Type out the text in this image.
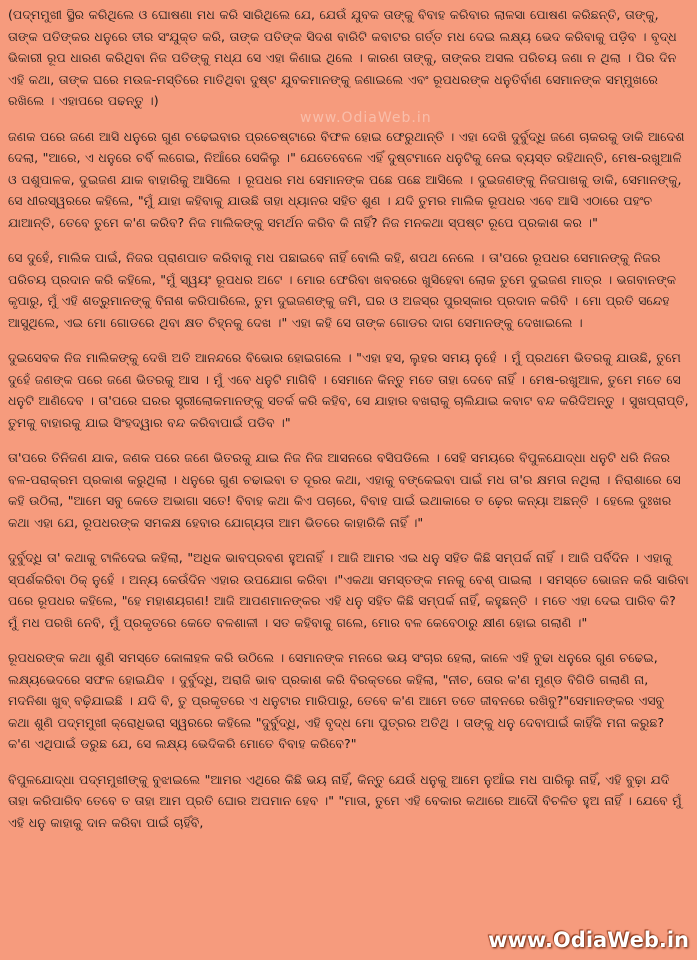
(ପଦ୍ମମୁଖୀ ସ୍ଥିର କରିଥିଲେ ଓ ଘୋଷଣା ମଧ କରି ସାରିଥିଲେ ଯେ, ଯେଉଁ ଯୁବକ ତାଙ୍କୁ ବିବାହ କରିବାର ଲାଳସା ପୋଷଣ କରିଛନ୍ତି, ତାଙ୍କୁ, ତାଙ୍କ ପତିଙ୍କର ଧନୁରେ ତୀର ସଂଯୁକ୍ତ କରି, ତାଙ୍କ ପତିଙ୍କ ସିଦଶ ବାରିଟି କବାଟର ଗର୍ତ୍ତ ମଧ ଦେଇ ଲକ୍ଷ୍ୟ ଭେଦ କରିବାକୁ ପଡ଼ିବ । ବୃଦ୍ଧ ଭିକାରୀ ରୂପ ଧାରଣ କରିଥିବା ନିଜ ପତିଙ୍କୁ ମଧ୍ଯ ସେ ଏହା କିଣାଇ ଥିଲେ । କାରଣ ତାଙ୍କୁ, ତାଙ୍କର ଅସଲ ପରିଚୟ ଜଣା ନ ଥିଲା । ପିର ଦିନ ଏହି କଥା, ତାଙ୍କ ଘରେ ମଉଜ-ମସ୍ତିରେ ମାତିଥିବା ଦୁଷ୍ଟ ଯୁବକମାନଙ୍କୁ ଜଣାଇଲେ ଏବଂ ରୂପଧରଙ୍କ ଧନୁତିର୍ବାଣ ସେମାନଙ୍କ ସମ୍ମୁଖରେ ରଖିଲେ । ଏହାପରେ ପଢନ୍ତୁ ।)

ଜଣକ ପରେ ଜଣେ ଆସି ଧନୁରେ ଗୁଣ ଚଢେଇବାର ପ୍ରଚେଷ୍ଟାରେ ବିଫଳ ହୋଇ ଫେରୁଥାନ୍ତି । ଏହା ଦେଖି ଦୁର୍ବୁଦ୍ଧି ଜଣେ ଚାକରକୁ ଡାକି ଆଦେଶ ଦେଲା, "ଆରେ, ଏ ଧନୁରେ ଚର୍ବି ଲଗେଇ, ନିଆଁରେ ସେକିଲୁ ।" ଯେତେବେଳେ ଏହିଁ ଦୁଷ୍ଟମାନେ ଧନୁଟିକୁ ନେଇ ବ୍ୟସ୍ତ ରହିଥାନ୍ତି, ମେଷ-ରଖୁଆଳି ଓ ପଶୁପାଳକ, ଦୁଇଜଣ ଯାକ ବାହାରିକୁ ଆସିଲେ । ରୂପଧର ମଧ ସେମାନଙ୍କ ପଛେ ପଛେ ଆସିଲେ । ଦୁଇଜଣଙ୍କୁ ନିଜପାଖକୁ ଡାକି, ସେମାନଙ୍କୁ, ସେ ଧୀରସ୍ୱରରେ କହିଲେ, "ମୁଁ ଯାହା କହିବାକୁ ଯାଉଛି ତାହା ଧ୍ୟାନର ସହିତ ଶୁଣ । ଯଦି ତୁମର ମାଲିକ ରୂପଧର ଏବେ ଆସି ଏଠାରେ ପହଂଚ ଯାଆନ୍ତି, ତେବେ ତୁମେ କ'ଣ କରିବ? ନିଜ ମାଲିକଙ୍କୁ ସମର୍ଥନ କରିବ କି ନାହିଁ? ନିଜ ମନକଥା ସ୍ପଷ୍ଟ ରୂପେ ପ୍ରକାଶ କର ।"

ସେ ଦୁହେଁ, ମାଲିକ ପାଇଁ, ନିଜର ପ୍ରାଣପାତ କରିବାକୁ ମଧ ପଛାଇବେ ନାହିଁ ବୋଲି କହି, ଶପଥ ନେଲେ । ତା'ପରେ ରୂପଧର ସେମାନଙ୍କୁ ନିଜର ପରିଚୟ ପ୍ରଦାନ କରି କହିଲେ, "ମୁଁ ସ୍ୱୟଂ ରୂପଧର ଅଟେ । ମୋର ଫେରିବା ଖବରରେ ଖୁସିହେବା ଲୋକ ତୁମେ ଦୁଇଜଣ ମାତ୍ର । ଭଗବାନଙ୍କ କୃପାରୁ, ମୁଁ ଏହି ଶତ୍ରୁମାନଙ୍କୁ ବିନାଶ କରିପାରିଲେ, ତୁମ ଦୁଇଜଣଙ୍କୁ ଜମି, ଘର ଓ ଅଜସ୍ର ପୁରସ୍କାର ପ୍ରଦାନ କରିବି । ମୋ ପ୍ରତି ସନ୍ଦେହ ଆସୁଥିଲେ, ଏଇ ମୋ ଗୋଡରେ ଥିବା କ୍ଷତ ଚିହ୍ନକୁ ଦେଖ ।" ଏହା କହି ସେ ତାଙ୍କ ଗୋଡର ଦାଗ ସେମାନଙ୍କୁ ଦେଖାଇଲେ ।

ଦୁଇସେବକ ନିଜ ମାଲିକଙ୍କୁ ଦେଖି ଅତି ଆନନ୍ଦରେ ବିଭୋର ହୋଇଗଲେ । "ଏହା ହସ, ଲୁହର ସମୟ ନୁହେଁ । ମୁଁ ପ୍ରଥମେ ଭିତରକୁ ଯାଉଛି, ତୁମେ ଦୁହେଁ ଜଣଙ୍କ ପରେ ଜଣେ ଭିତରକୁ ଆସ । ମୁଁ ଏବେ ଧନୁଟି ମାଗିବି । ସେମାନେ କିନ୍ତୁ ମତେ ତାହା ଦେବେ ନାହିଁ । ମେଷ-ରଖୁଆଳ, ତୁମେ ମତେ ସେ ଧନୁଟି ଆଣିଦେବ । ତା'ପରେ ଘରର ସ୍ତ୍ରୀଲୋକମାନଙ୍କୁ ସତର୍କ କରି କହିବ, ସେ ଯାହାର ବଖରାକୁ ଚାଲିଯାଇ କବାଟ ବନ୍ଦ କରିଦିଅନ୍ତୁ । ସୁଖପ୍ରାପ୍ତି, ତୁମକୁ ବାହାରକୁ ଯାଇ ସିଂହଦ୍ୱାର ବନ୍ଦ କରିବାପାଇଁ ପଡିବ ।"

ତା'ପରେ ତିନିଜଣ ଯାକ, ଜଣକ ପରେ ଜଣେ ଭିତରକୁ ଯାଇ ନିଜ ନିଜ ଆସନରେ ବସିପଡିଲେ । ସେହି ସମୟରେ ବିପୁଳଯୋଦ୍ଧା ଧନୁଟି ଧରି ନିଜର ବଳ-ପରାକ୍ରମ ପ୍ରକାଶ କରୁଥିଲା । ଧନୁରେ ଗୁଣ ଚଢାଇବା ତ ଦୂରର କଥା, ଏହାକୁ ବଙ୍କେଇବା ପାଇଁ ମଧ ତା'ର କ୍ଷମତା ନଥିଲା । ନିରାଶାରେ ସେ କହି ଉଠିଲା, "ଆମେ ସବୁ କେଡେ ଅଭାଗା ସତେ! ବିବାହ କଥା କିଏ ପଚାରେ, ବିବାହ ପାଇଁ ଇଥାକାରେ ତ ଢ଼େର କନ୍ୟା ଅଛନ୍ତି । ହେଲେ ଦୁଃଖର କଥା ଏହା ଯେ, ରୂପଧରଙ୍କ ସମକକ୍ଷ ହେବାର ଯୋଗ୍ୟତା ଆମ ଭିତରେ କାହାରିକି ନାହିଁ ।"

ଦୁର୍ବୁଦ୍ଧି ତା' କଥାକୁ ଟାଳିଦେଇ କହିଲା, "ଅଧିକ ଭାବପ୍ରବଣ ହୁଅନାହିଁ । ଆଜି ଆମର ଏଇ ଧନୁ ସହିତ କିଛି ସମ୍ପର୍କ ନାହିଁ । ଆଜି ପର୍ବିଦିନ । ଏହାକୁ ସ୍ପର୍ଶକରିବା ଠିକ୍ ନୁହେଁ । ଅନ୍ୟ କେଉଁଦିନ ଏହାର ଉପଯୋଗ କରିବା ।"ଏକଥା ସମସ୍ତଙ୍କ ମନକୁ ବେଶ୍ ପାଇଲା । ସମସ୍ତେ ଭୋଜନ କରି ସାରିବା ପରେ ରୂପଧର କହିଲେ, "ହେ ମହାଶୟଗଣ! ଆଜି ଆପଣମାନଙ୍କର ଏହି ଧନୁ ସହିତ କିଛି ସମ୍ପର୍କ ନାହିଁ, କହୁଛନ୍ତି । ମତେ ଏହା ଦେଇ ପାରିବ କି? ମୁଁ ମଧ ପରଖି ନେବି, ମୁଁ ପ୍ରକୃତରେ କେତେ ବଳଶାଳୀ । ସତ କହିବାକୁ ଗଲେ, ମୋର ବଳ କେବେଠାରୁ କ୍ଷୀଣ ହୋଇ ଗଲାଣି ।"

ରୂପଧରଙ୍କ କଥା ଶୁଣି ସମସ୍ତେ କୋଳାହଳ କରି ଉଠିଲେ । ସେମାନଙ୍କ ମନରେ ଭୟ ସଂଚାର ହେଲା, କାଳେ ଏହି ବୁଢା ଧନୁରେ ଗୁଣ ଚଢେଇ, ଲକ୍ଷ୍ୟଭେଦରେ ସଫଳ ହୋଇଯିବ । ଦୁର୍ବୁଦ୍ଧି, ଅରାଜି ଭାବ ପ୍ରକାଶ କରି ବିରକ୍ତରେ କହିଲା, "ନୀଚ, ତୋର କ'ଣ ମୁଣ୍ଡ ବିଗିଡି ଗଲାଣି ନା, ମଦନିଶା ଖୁବ୍ ବଢ଼ିଯାଇଛି । ଯଦି ବି, ତୁ ପ୍ରକୃତରେ ଏ ଧନୁଟାର ମାରିପାରୁ, ତେବେ କ'ଣ ଆମେ ତତେ ଜୀବନରେ ରଖିବୁ?"ସେମାନଙ୍କର ଏସବୁ କଥା ଶୁଣି ପଦ୍ମମୁଖୀ କ୍ରୋଧିଭରା ସ୍ୱରରେ କହିଲେ "ଦୁର୍ବୁଦ୍ଧି, ଏହି ବୃଦ୍ଧ ମୋ ପୁତ୍ରର ଅତିଥି । ତାଙ୍କୁ ଧନୁ ଦେବାପାଇଁ କାହିଁକି ମନା କରୁଛ? କ'ଣ ଏଥିପାଇଁ ଡରୁଛ ଯେ, ସେ ଲକ୍ଷ୍ୟ ଭେଦିକରି ମୋତେ ବିବାହ କରିବେ?"

ବିପୁଳଯୋଦ୍ଧା ପଦ୍ମମୁଖୀଙ୍କୁ ବୁଝାଇଲେ "ଆମର ଏଥିରେ କିଛି ଭୟ ନାହିଁ, କିନ୍ତୁ ଯେଉଁ ଧନୁକୁ ଆମେ ନୁଆଁଇ ମଧ ପାରିଲୁ ନାହିଁ, ଏହି ବୁଢ଼ା ଯଦି ତାହା କରିପାରିବ ତେବେ ତ ତାହା ଆମ ପ୍ରତି ଘୋର ଅପମାନ ହେବ ।" "ମାତା, ତୁମେ ଏହି ବେକାର କଥାରେ ଆଦୌ ବିଚଳିତ ହୁଅ ନାହିଁ । ଯେବେ ମୁଁ ଏହି ଧନୁ କାହାକୁ ଦାନ କରିବା ପାଇଁ ଚାହିଁବି,

www.OdiaWeb.in
www.OdiaWeb.in
